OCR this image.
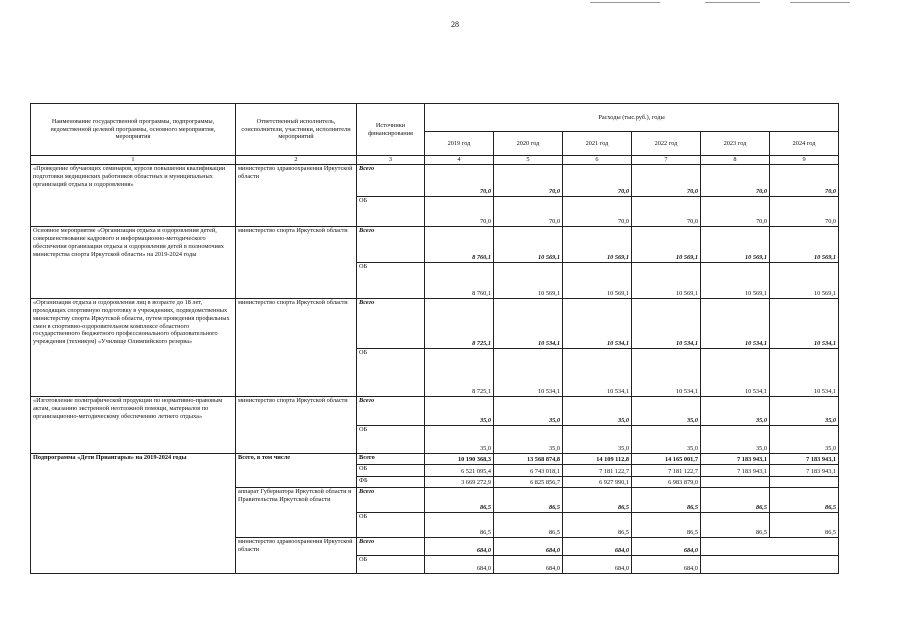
28
Наименование государственной программы, подпрограммы, ведомственной целевой программы, основного мероприятия, мероприятия	Ответственный исполнитель, соисполнители, участники, исполнители мероприятий	Источники финансирования	Расходы (тыс.руб.), годы					
			2019 год	2020 год	2021 год	2022 год	2023 год	2024 год
1	2	3	4	5	6	7	8	9
«Проведение обучающих семинаров, курсов повышения квалификации подготовки медицинских работников областных и муниципальных организаций отдыха и оздоровления»	министерство здравоохранения Иркутской области	Всего	70,0	70,0	70,0	70,0	70,0	70,0
		ОБ	70,0	70,0	70,0	70,0	70,0	70,0
Основное мероприятие «Организация отдыха и оздоровления детей, совершенствование кадрового и информационно-методического обеспечения организации отдыха и оздоровления детей в полномочиях министерства спорта Иркутской области» на 2019-2024 годы	министерство спорта Иркутской области	Всего	8 760,1	10 569,1	10 569,1	10 569,1	10 569,1	10 569,1
		ОБ	8 760,1	10 569,1	10 569,1	10 569,1	10 569,1	10 569,1
«Организация отдыха и оздоровления лиц в возрасте до 18 лет, проходящих спортивную подготовку в учреждениях, подведомственных министерству спорта Иркутской области, путем проведения профильных смен в спортивно-оздоровительном комплексе областного государственного бюджетного профессионального образовательного учреждения (техникум) «Училище Олимпийского резерва»	министерство спорта Иркутской области	Всего	8 725,1	10 534,1	10 534,1	10 534,1	10 534,1	10 534,1
		ОБ	8 725,1	10 534,1	10 534,1	10 534,1	10 534,1	10 534,1
«Изготовление полиграфической продукции по нормативно-правовым актам, оказанию экстренной неотложной помощи, материалов по организационно-методическому обеспечению летнего отдыха»	министерство спорта Иркутской области	Всего	35,0	35,0	35,0	35,0	35,0	35,0
		ОБ	35,0	35,0	35,0	35,0	35,0	35,0
Подпрограмма «Дети Приангарья» на 2019-2024 годы	Всего, в том числе	Всего	10 190 368,3	13 568 874,8	14 109 112,8	14 165 001,7	7 183 943,1	7 183 943,1
		ОБ	6 521 095,4	6 743 018,1	7 181 122,7	7 181 122,7	7 183 943,1	7 183 943,1
		ФБ	3 669 272,9	6 825 856,7	6 927 990,1	6 983 879,0		
	аппарат Губернатора Иркутской области и Правительства Иркутской области	Всего	86,5	86,5	86,5	86,5	86,5	86,5
		ОБ	86,5	86,5	86,5	86,5	86,5	86,5
	министерство здравоохранения Иркутской области	Всего	684,0	684,0	684,0	684,0		
		ОБ	684,0	684,0	684,0	684,0		
